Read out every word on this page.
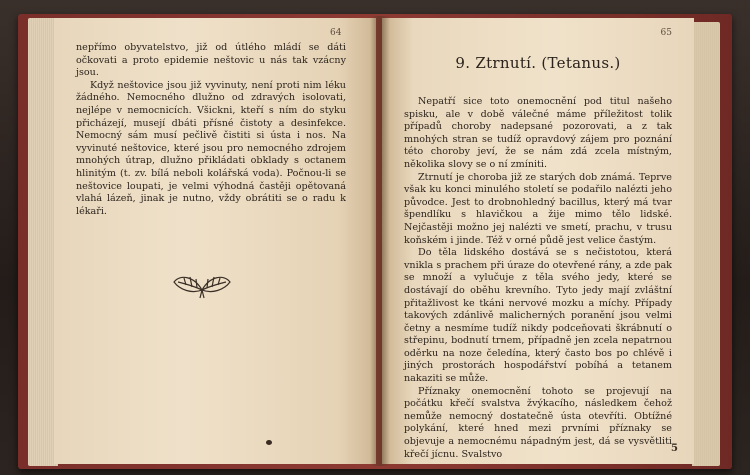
64

nepřímo obyvatelstvo, již od útlého mládí se dáti očkovati a proto epidemie neštovic u nás tak vzácny jsou.

Když neštovice jsou již vyvinuty, není proti nim léku žádného. Nemocného dlužno od zdravých isolovati, nejlépe v nemocnicích. Všickni, kteří s ním do styku přicházejí, musejí dbáti přísné čistoty a desinfekce. Nemocný sám musí pečlivě čistiti si ústa i nos. Na vyvinuté neštovice, které jsou pro nemocného zdrojem mnohých útrap, dlužno přikládati obklady s octanem hlinitým (t. zv. bílá neboli kolářská voda). Počnou-li se neštovice loupati, je velmi výhodná častěji opětovaná vlahá lázeň, jinak je nutno, vždy obrátiti se o radu k lékaři.

65
9. Ztrnutí. (Tetanus.)

Nepatří sice toto onemocnění pod titul našeho spisku, ale v době válečné máme příležitost tolik případů choroby nadepsané pozorovati, a z tak mnohých stran se tudíž opravdový zájem pro poznání této choroby jeví, že se nám zdá zcela místným, několika slovy se o ní zmíniti.

Ztrnutí je choroba již ze starých dob známá. Teprve však ku konci minulého století se podařilo nalézti jeho původce. Jest to drobnohledný bacillus, který má tvar špendlíku s hlavičkou a žije mimo tělo lidské. Nejčastěji možno jej nalézti ve smetí, prachu, v trusu koňském i jinde. Též v orné půdě jest velice častým.

Do těla lidského dostává se s nečistotou, která vnikla s prachem při úraze do otevřené rány, a zde pak se množí a vylučuje z těla svého jedy, které se dostávají do oběhu krevního. Tyto jedy mají zvláštní přitažlivost ke tkáni nervové mozku a míchy. Případy takových zdánlivě malicherných poranění jsou velmi četny a nesmíme tudíž nikdy podceňovati škrábnutí o střepinu, bodnutí trnem, případně jen zcela nepatrnou oděrku na noze čeledína, který často bos po chlévě i jiných prostorách hospodářství pobíhá a tetanem nakaziti se může.

Příznaky onemocnění tohoto se projevují na počátku křečí svalstva žvýkacího, následkem čehož nemůže nemocný dostatečně ústa otevříti. Obtížné polykání, které hned mezi prvními příznaky se objevuje a nemocnému nápadným jest, dá se vysvětliti křečí jícnu. Svalstvo

5
